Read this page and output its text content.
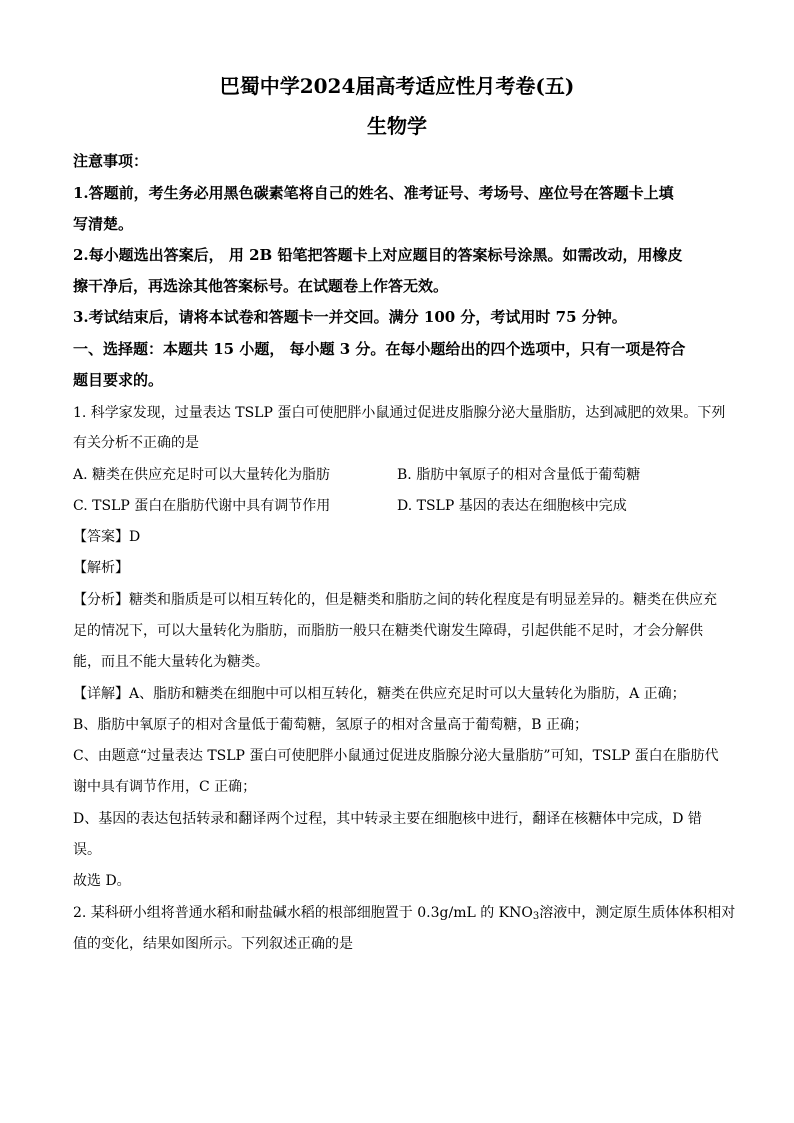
巴蜀中学2024届高考适应性月考卷(五)
生物学
注意事项：
1.答题前，考生务必用黑色碳素笔将自己的姓名、准考证号、考场号、座位号在答题卡上填
写清楚。
2.每小题选出答案后， 用 2B 铅笔把答题卡上对应题目的答案标号涂黑。如需改动，用橡皮
擦干净后，再选涂其他答案标号。在试题卷上作答无效。
3.考试结束后，请将本试卷和答题卡一并交回。满分 100 分，考试用时 75 分钟。
一、选择题：本题共 15 小题， 每小题 3 分。在每小题给出的四个选项中，只有一项是符合
题目要求的。
1. 科学家发现，过量表达 TSLP 蛋白可使肥胖小鼠通过促进皮脂腺分泌大量脂肪，达到减肥的效果。下列
有关分析不正确的是
A. 糖类在供应充足时可以大量转化为脂肪	B. 脂肪中氧原子的相对含量低于葡萄糖
C. TSLP 蛋白在脂肪代谢中具有调节作用	D. TSLP 基因的表达在细胞核中完成
【答案】D
【解析】
【分析】糖类和脂质是可以相互转化的，但是糖类和脂肪之间的转化程度是有明显差异的。糖类在供应充
足的情况下，可以大量转化为脂肪，而脂肪一般只在糖类代谢发生障碍，引起供能不足时，才会分解供
能，而且不能大量转化为糖类。
【详解】A、脂肪和糖类在细胞中可以相互转化，糖类在供应充足时可以大量转化为脂肪，A 正确；
B、脂肪中氧原子的相对含量低于葡萄糖，氢原子的相对含量高于葡萄糖，B 正确；
C、由题意“过量表达 TSLP 蛋白可使肥胖小鼠通过促进皮脂腺分泌大量脂肪”可知，TSLP 蛋白在脂肪代
谢中具有调节作用，C 正确；
D、基因的表达包括转录和翻译两个过程，其中转录主要在细胞核中进行，翻译在核糖体中完成，D 错
误。
故选 D。
2. 某科研小组将普通水稻和耐盐碱水稻的根部细胞置于 0.3g/mL 的 $KNO_3$溶液中，测定原生质体体积相对
值的变化，结果如图所示。下列叙述正确的是
